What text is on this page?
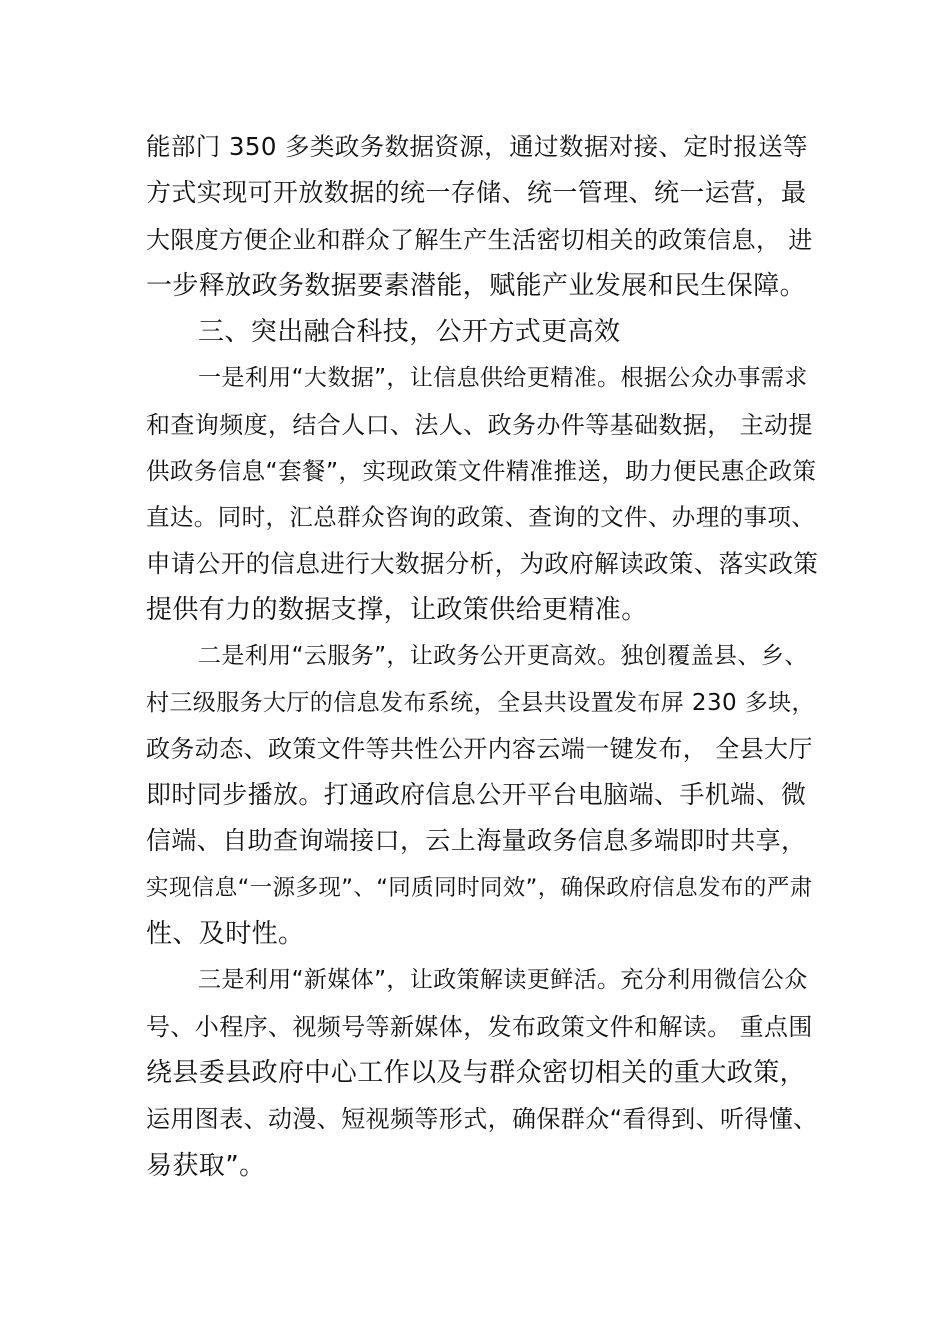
能部门 350 多类政务数据资源，通过数据对接、定时报送等
方式实现可开放数据的统一存储、统一管理、统一运营，最
大限度方便企业和群众了解生产生活密切相关的政策信息， 进
一步释放政务数据要素潜能，赋能产业发展和民生保障。
三、突出融合科技，公开方式更高效
一是利用“大数据”，让信息供给更精准。根据公众办事需求
和查询频度，结合人口、法人、政务办件等基础数据， 主动提
供政务信息“套餐”，实现政策文件精准推送，助力便民惠企政策
直达。同时，汇总群众咨询的政策、查询的文件、办理的事项、
申请公开的信息进行大数据分析，为政府解读政策、落实政策
提供有力的数据支撑，让政策供给更精准。
二是利用“云服务”，让政务公开更高效。独创覆盖县、乡、
村三级服务大厅的信息发布系统，全县共设置发布屏 230 多块，
政务动态、政策文件等共性公开内容云端一键发布， 全县大厅
即时同步播放。打通政府信息公开平台电脑端、手机端、微
信端、自助查询端接口，云上海量政务信息多端即时共享，
实现信息“一源多现”、“同质同时同效”，确保政府信息发布的严肃
性、及时性。
三是利用“新媒体”，让政策解读更鲜活。充分利用微信公众
号、小程序、视频号等新媒体，发布政策文件和解读。 重点围
绕县委县政府中心工作以及与群众密切相关的重大政策，
运用图表、动漫、短视频等形式，确保群众“看得到、听得懂、
易获取”。
